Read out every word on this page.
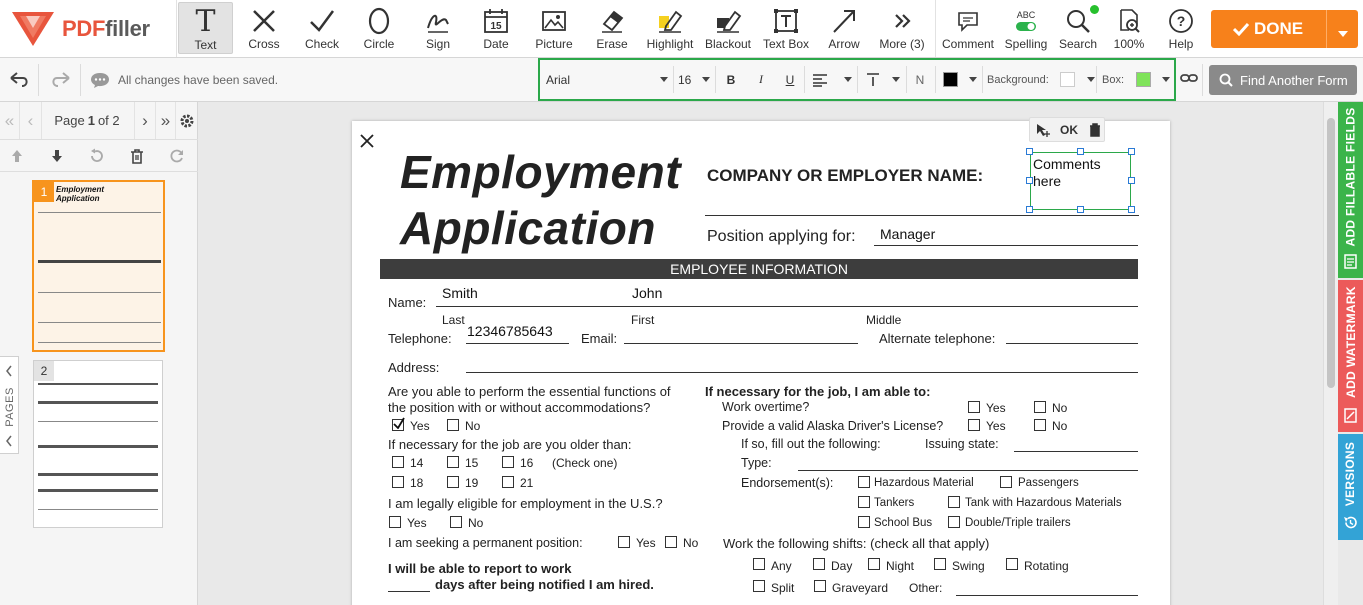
PDFfiller T
Text	Cross	Check	Circle	Sign
15
Date	Picture	Erase	Highlight Blackout Text Box	Arrow	More (3) Comment
ABC
Spelling Search	100%
?
Help
DONE
All changes have been saved.	Arial	16	B I U	N	Background:	Box:	Find Another Form
« ‹	Page 1 of 2	› »
1	Employment
Application
2
PAGES
Employment
Application
COMPANY OR EMPLOYER NAME:
OK
Comments here
Position applying for: Manager
EMPLOYEE INFORMATION
Name:
Smith	John
Last	First	Middle
Telephone: 12346785643 Email:	Alternate telephone:
Address:
Are you able to perform the essential functions of
the position with or without accommodations?
Yes	No
If necessary for the job are you older than:
14	15	16 (Check one)
18	19	21
I am legally eligible for employment in the U.S.?
Yes	No
I am seeking a permanent position:	Yes No
I will be able to report to work
days after being notified I am hired.
If necessary for the job, I am able to:
Work overtime?	Yes	No
Provide a valid Alaska Driver's License?	Yes	No
If so, fill out the following:	Issuing state:
Type:
Endorsement(s):	Hazardous Material	Passengers
Tankers	Tank with Hazardous Materials
School Bus	Double/Triple trailers
Work the following shifts: (check all that apply)
Any	Day	Night	Swing	Rotating
Split	Graveyard Other:
ADD FILLABLE FIELDS
ADD WATERMARK
VERSIONS
